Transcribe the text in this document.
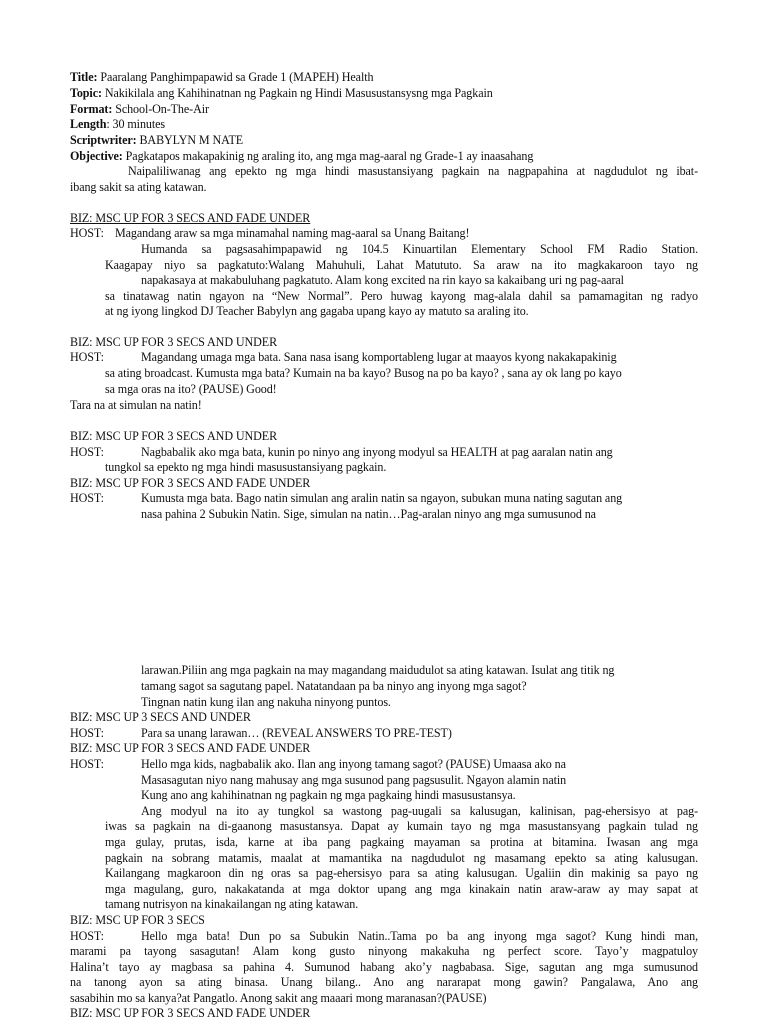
Title: Paaralang Panghimpapawid sa Grade 1 (MAPEH) Health
Topic: Nakikilala ang Kahihinatnan ng Pagkain ng Hindi Masusustansysng mga Pagkain
Format: School-On-The-Air
Length: 30 minutes
Scriptwriter: BABYLYN M NATE
Objective: Pagkatapos makapakinig ng araling ito, ang mga mag-aaral ng Grade-1 ay inaasahang
Naipaliliwanag ang epekto ng mga hindi masustansiyang pagkain na nagpapahina at nagdudulot ng ibat-
ibang sakit sa ating katawan.
BIZ: MSC UP FOR 3 SECS AND FADE UNDER
HOST: Magandang araw sa mga minamahal naming mag-aaral sa Unang Baitang!
Humanda sa pagsasahimpapawid ng 104.5 Kinuartilan Elementary School FM Radio Station.
Kaagapay niyo sa pagkatuto:Walang Mahuhuli, Lahat Matututo. Sa araw na ito magkakaroon tayo ng
napakasaya at makabuluhang pagkatuto. Alam kong excited na rin kayo sa kakaibang uri ng pag-aaral
sa tinatawag natin ngayon na “New Normal”. Pero huwag kayong mag-alala dahil sa pamamagitan ng radyo
at ng iyong lingkod DJ Teacher Babylyn ang gagaba upang kayo ay matuto sa araling ito.
BIZ: MSC UP FOR 3 SECS AND UNDER
HOST:	Magandang umaga mga bata. Sana nasa isang komportableng lugar at maayos kyong nakakapakinig
sa ating broadcast. Kumusta mga bata? Kumain na ba kayo? Busog na po ba kayo? , sana ay ok lang po kayo
sa mga oras na ito? (PAUSE) Good!
Tara na at simulan na natin!
BIZ: MSC UP FOR 3 SECS AND UNDER
HOST:	Nagbabalik ako mga bata, kunin po ninyo ang inyong modyul sa HEALTH at pag aaralan natin ang
tungkol sa epekto ng mga hindi masusustansiyang pagkain.
BIZ: MSC UP FOR 3 SECS AND FADE UNDER
HOST:	Kumusta mga bata. Bago natin simulan ang aralin natin sa ngayon, subukan muna nating sagutan ang
nasa pahina 2 Subukin Natin. Sige, simulan na natin…Pag-aralan ninyo ang mga sumusunod na
larawan.Piliin ang mga pagkain na may magandang maidudulot sa ating katawan. Isulat ang titik ng
tamang sagot sa sagutang papel. Natatandaan pa ba ninyo ang inyong mga sagot?
Tingnan natin kung ilan ang nakuha ninyong puntos.
BIZ: MSC UP 3 SECS AND UNDER
HOST:	Para sa unang larawan… (REVEAL ANSWERS TO PRE-TEST)
BIZ: MSC UP FOR 3 SECS AND FADE UNDER
HOST:	Hello mga kids, nagbabalik ako. Ilan ang inyong tamang sagot? (PAUSE) Umaasa ako na
Masasagutan niyo nang mahusay ang mga susunod pang pagsusulit. Ngayon alamin natin
Kung ano ang kahihinatnan ng pagkain ng mga pagkaing hindi masusustansya.
Ang modyul na ito ay tungkol sa wastong pag-uugali sa kalusugan, kalinisan, pag-ehersisyo at pag-
iwas sa pagkain na di-gaanong masustansya. Dapat ay kumain tayo ng mga masustansyang pagkain tulad ng
mga gulay, prutas, isda, karne at iba pang pagkaing mayaman sa protina at bitamina. Iwasan ang mga
pagkain na sobrang matamis, maalat at mamantika na nagdudulot ng masamang epekto sa ating kalusugan.
Kailangang magkaroon din ng oras sa pag-ehersisyo para sa ating kalusugan. Ugaliin din makinig sa payo ng
mga magulang, guro, nakakatanda at mga doktor upang ang mga kinakain natin araw-araw ay may sapat at
tamang nutrisyon na kinakailangan ng ating katawan.
BIZ: MSC UP FOR 3 SECS
HOST:	Hello mga bata! Dun po sa Subukin Natin..Tama po ba ang inyong mga sagot? Kung hindi man,
marami pa tayong sasagutan! Alam kong gusto ninyong makakuha ng perfect score. Tayo’y magpatuloy
Halina’t tayo ay magbasa sa pahina 4. Sumunod habang ako’y nagbabasa. Sige, sagutan ang mga sumusunod
na tanong ayon sa ating binasa. Unang bilang.. Ano ang nararapat mong gawin? Pangalawa, Ano ang
sasabihin mo sa kanya?at Pangatlo. Anong sakit ang maaari mong maranasan?(PAUSE)
BIZ: MSC UP FOR 3 SECS AND FADE UNDER
